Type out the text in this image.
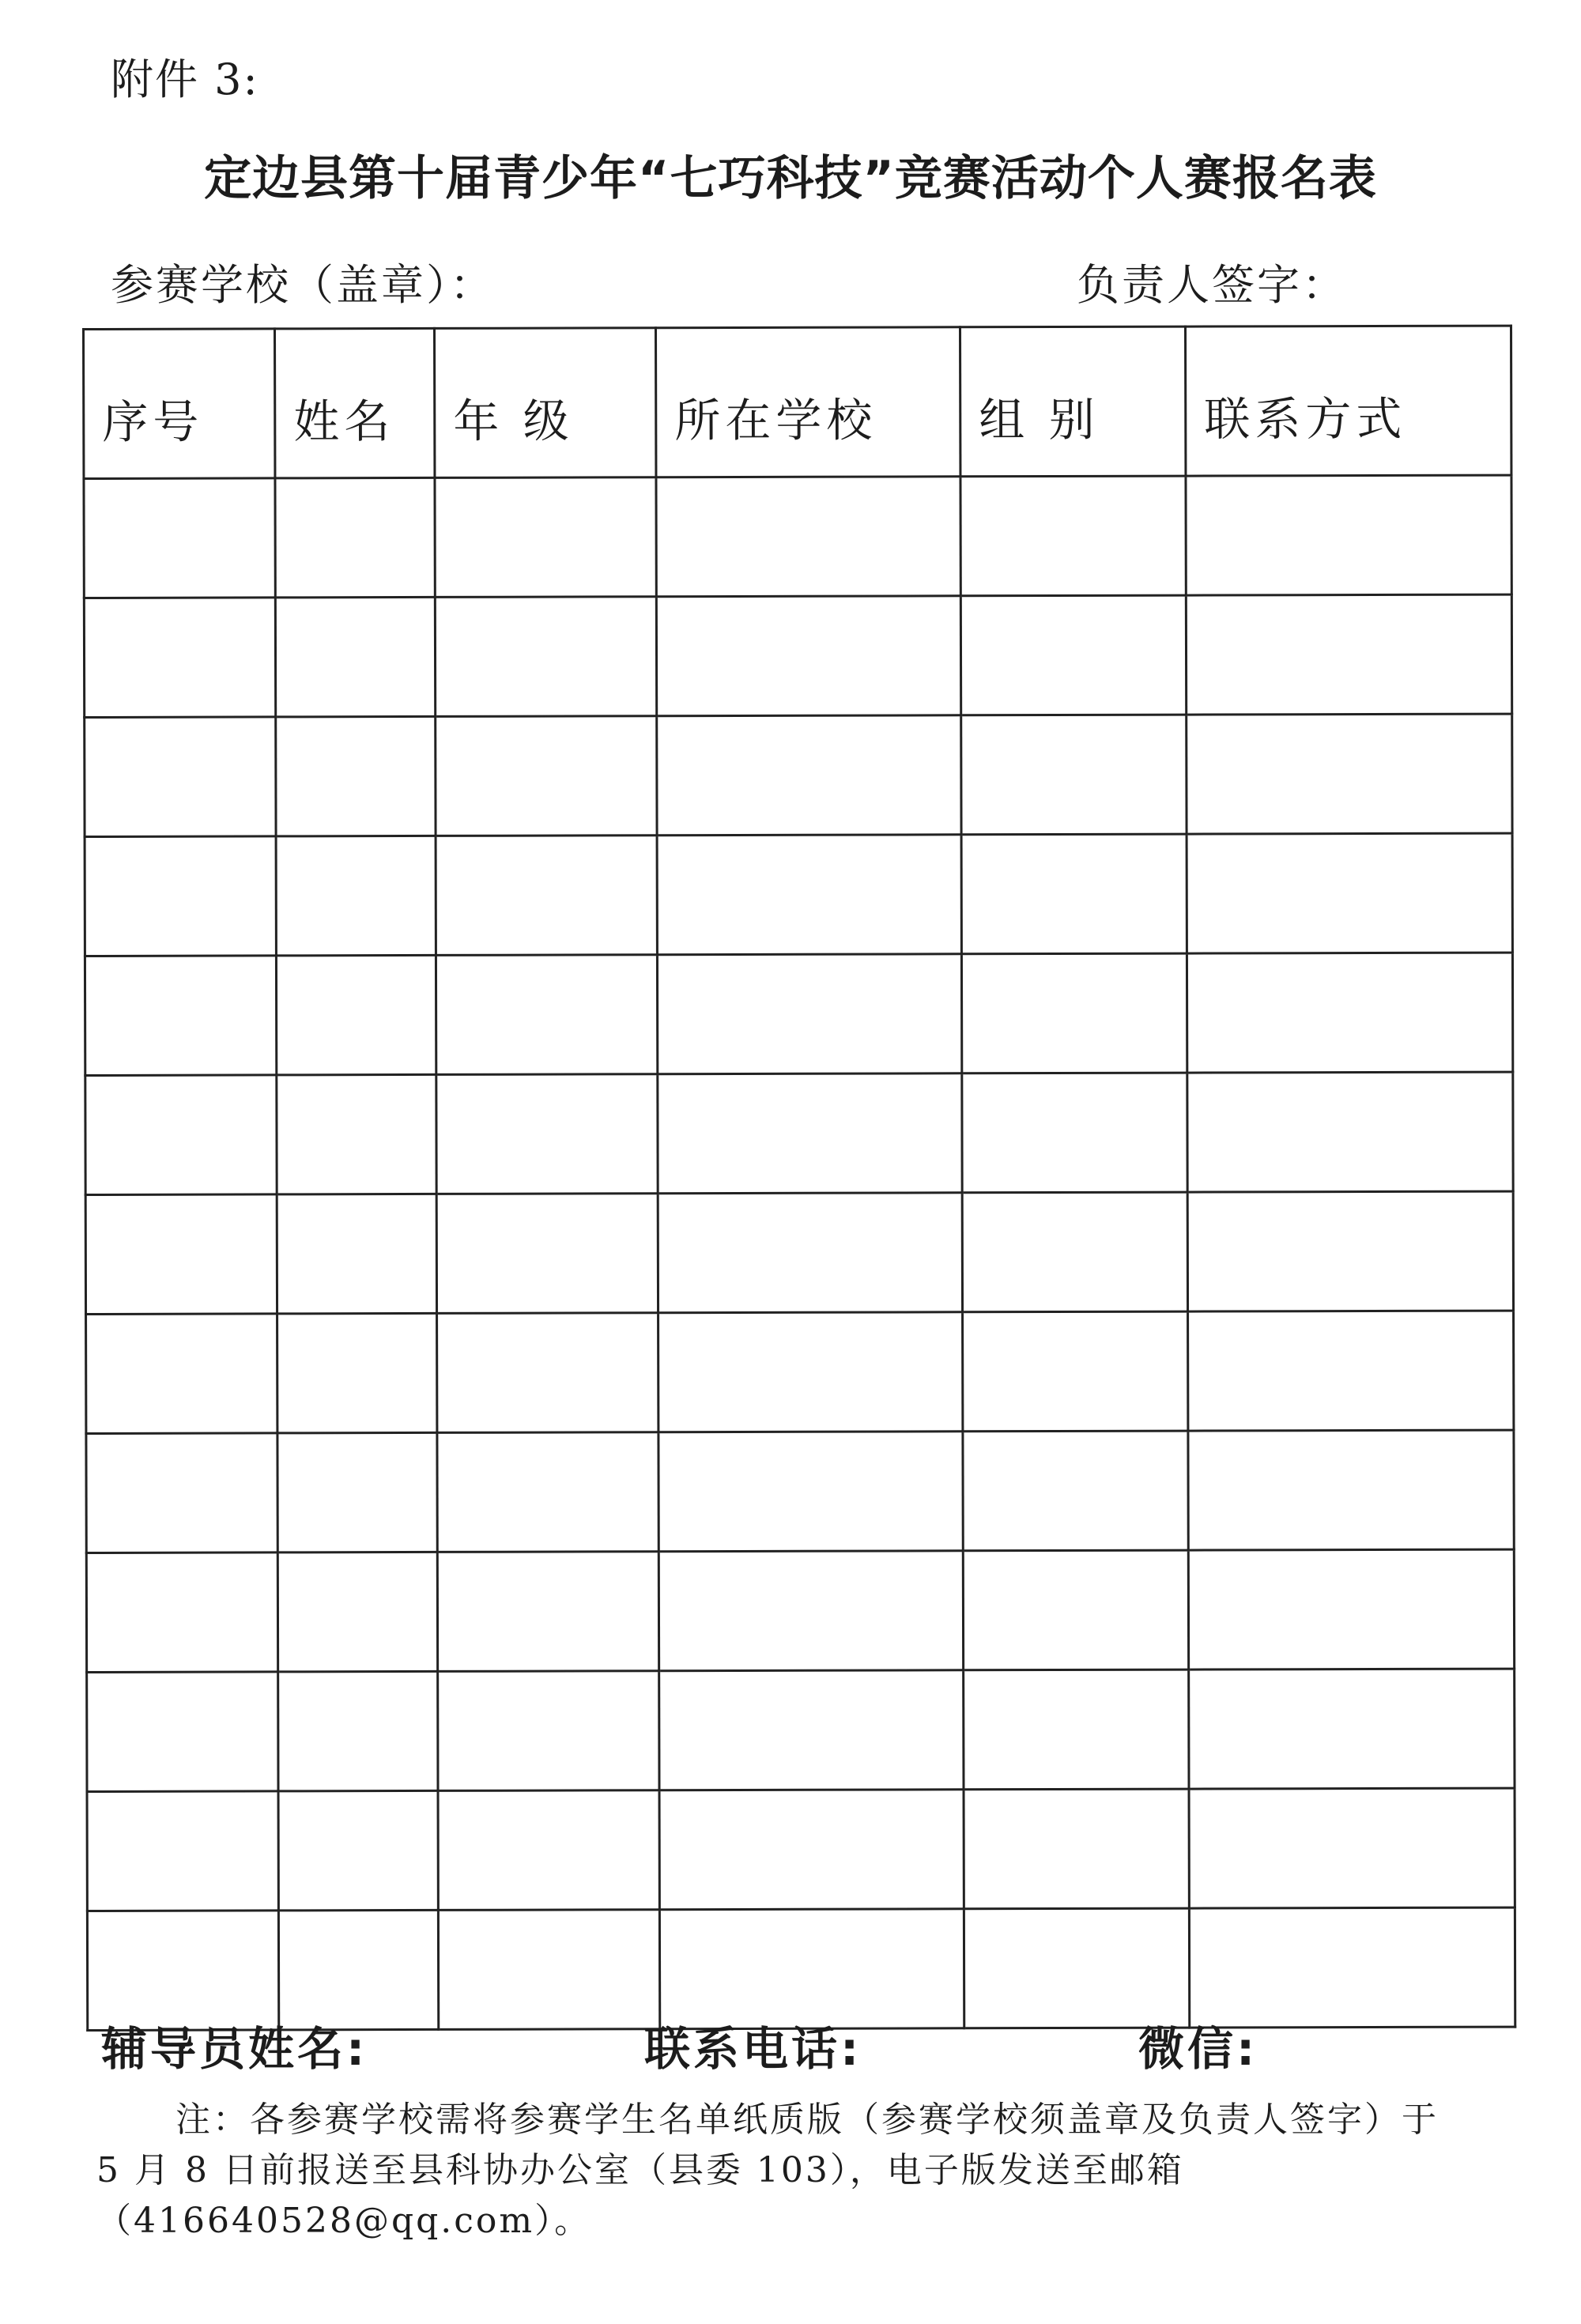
附件 3:
定边县第十届青少年“七巧科技”竞赛活动个人赛报名表
参赛学校（盖章）：	负责人签字：
序号	姓名	年 级	所在学校	组 别	联系方式

辅导员姓名:	联系电话:	微信:
注：各参赛学校需将参赛学生名单纸质版（参赛学校须盖章及负责人签字）于 5 月 8 日前报送至县科协办公室（县委 103），电子版发送至邮箱（416640528@qq.com）。
